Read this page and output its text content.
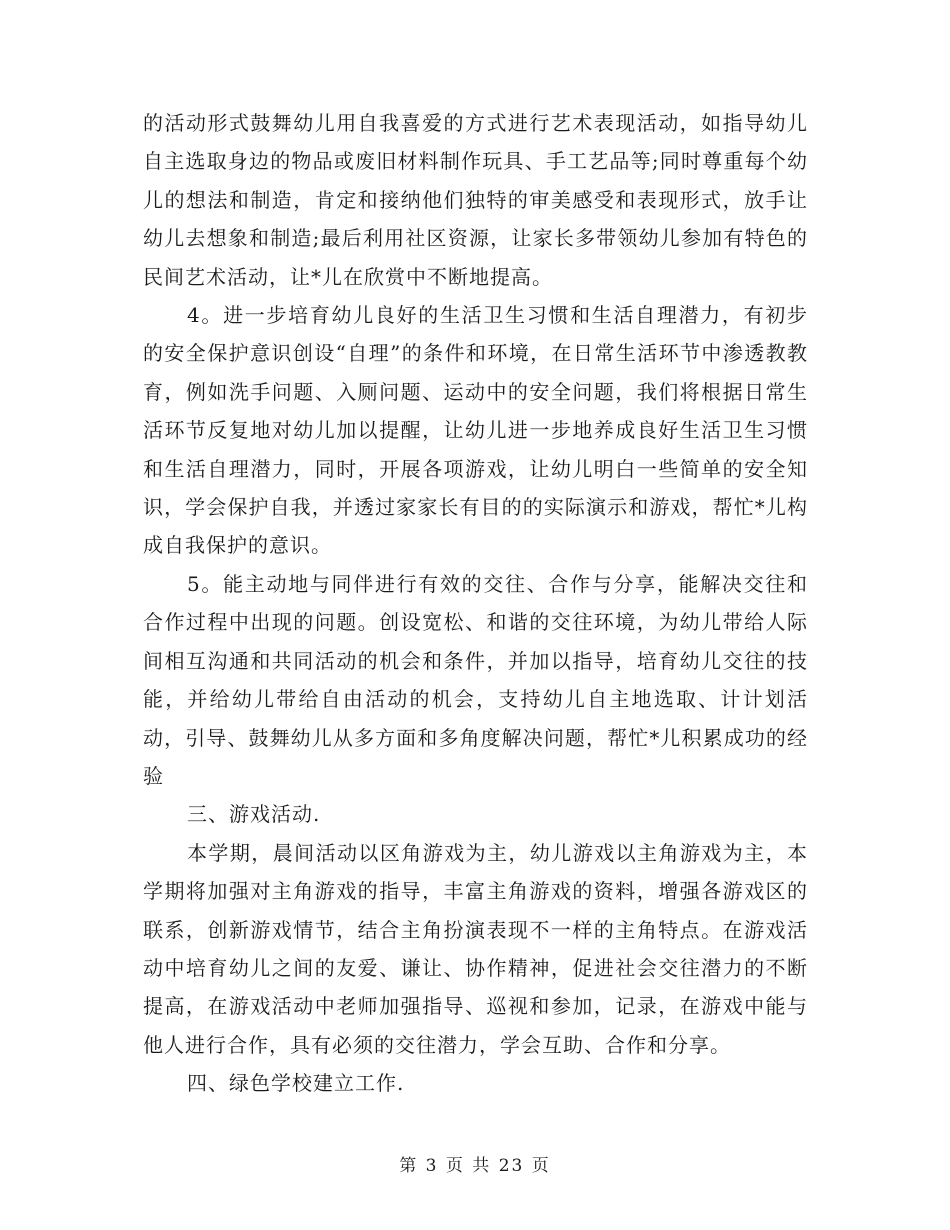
的活动形式鼓舞幼儿用自我喜爱的方式进行艺术表现活动，如指导幼儿自主选取身边的物品或废旧材料制作玩具、手工艺品等;同时尊重每个幼儿的想法和制造，肯定和接纳他们独特的审美感受和表现形式，放手让幼儿去想象和制造;最后利用社区资源，让家长多带领幼儿参加有特色的民间艺术活动，让*儿在欣赏中不断地提高。

4。进一步培育幼儿良好的生活卫生习惯和生活自理潜力，有初步的安全保护意识创设“自理”的条件和环境，在日常生活环节中渗透教教育，例如洗手问题、入厕问题、运动中的安全问题，我们将根据日常生活环节反复地对幼儿加以提醒，让幼儿进一步地养成良好生活卫生习惯和生活自理潜力，同时，开展各项游戏，让幼儿明白一些简单的安全知识，学会保护自我，并透过家家长有目的的实际演示和游戏，帮忙*儿构成自我保护的意识。

5。能主动地与同伴进行有效的交往、合作与分享，能解决交往和合作过程中出现的问题。创设宽松、和谐的交往环境，为幼儿带给人际间相互沟通和共同活动的机会和条件，并加以指导，培育幼儿交往的技能，并给幼儿带给自由活动的机会，支持幼儿自主地选取、计计划活动，引导、鼓舞幼儿从多方面和多角度解决问题，帮忙*儿积累成功的经验

三、游戏活动.

本学期，晨间活动以区角游戏为主，幼儿游戏以主角游戏为主，本学期将加强对主角游戏的指导，丰富主角游戏的资料，增强各游戏区的联系，创新游戏情节，结合主角扮演表现不一样的主角特点。在游戏活动中培育幼儿之间的友爱、谦让、协作精神，促进社会交往潜力的不断提高，在游戏活动中老师加强指导、巡视和参加，记录，在游戏中能与他人进行合作，具有必须的交往潜力，学会互助、合作和分享。

四、绿色学校建立工作.

第 3 页 共 23 页
